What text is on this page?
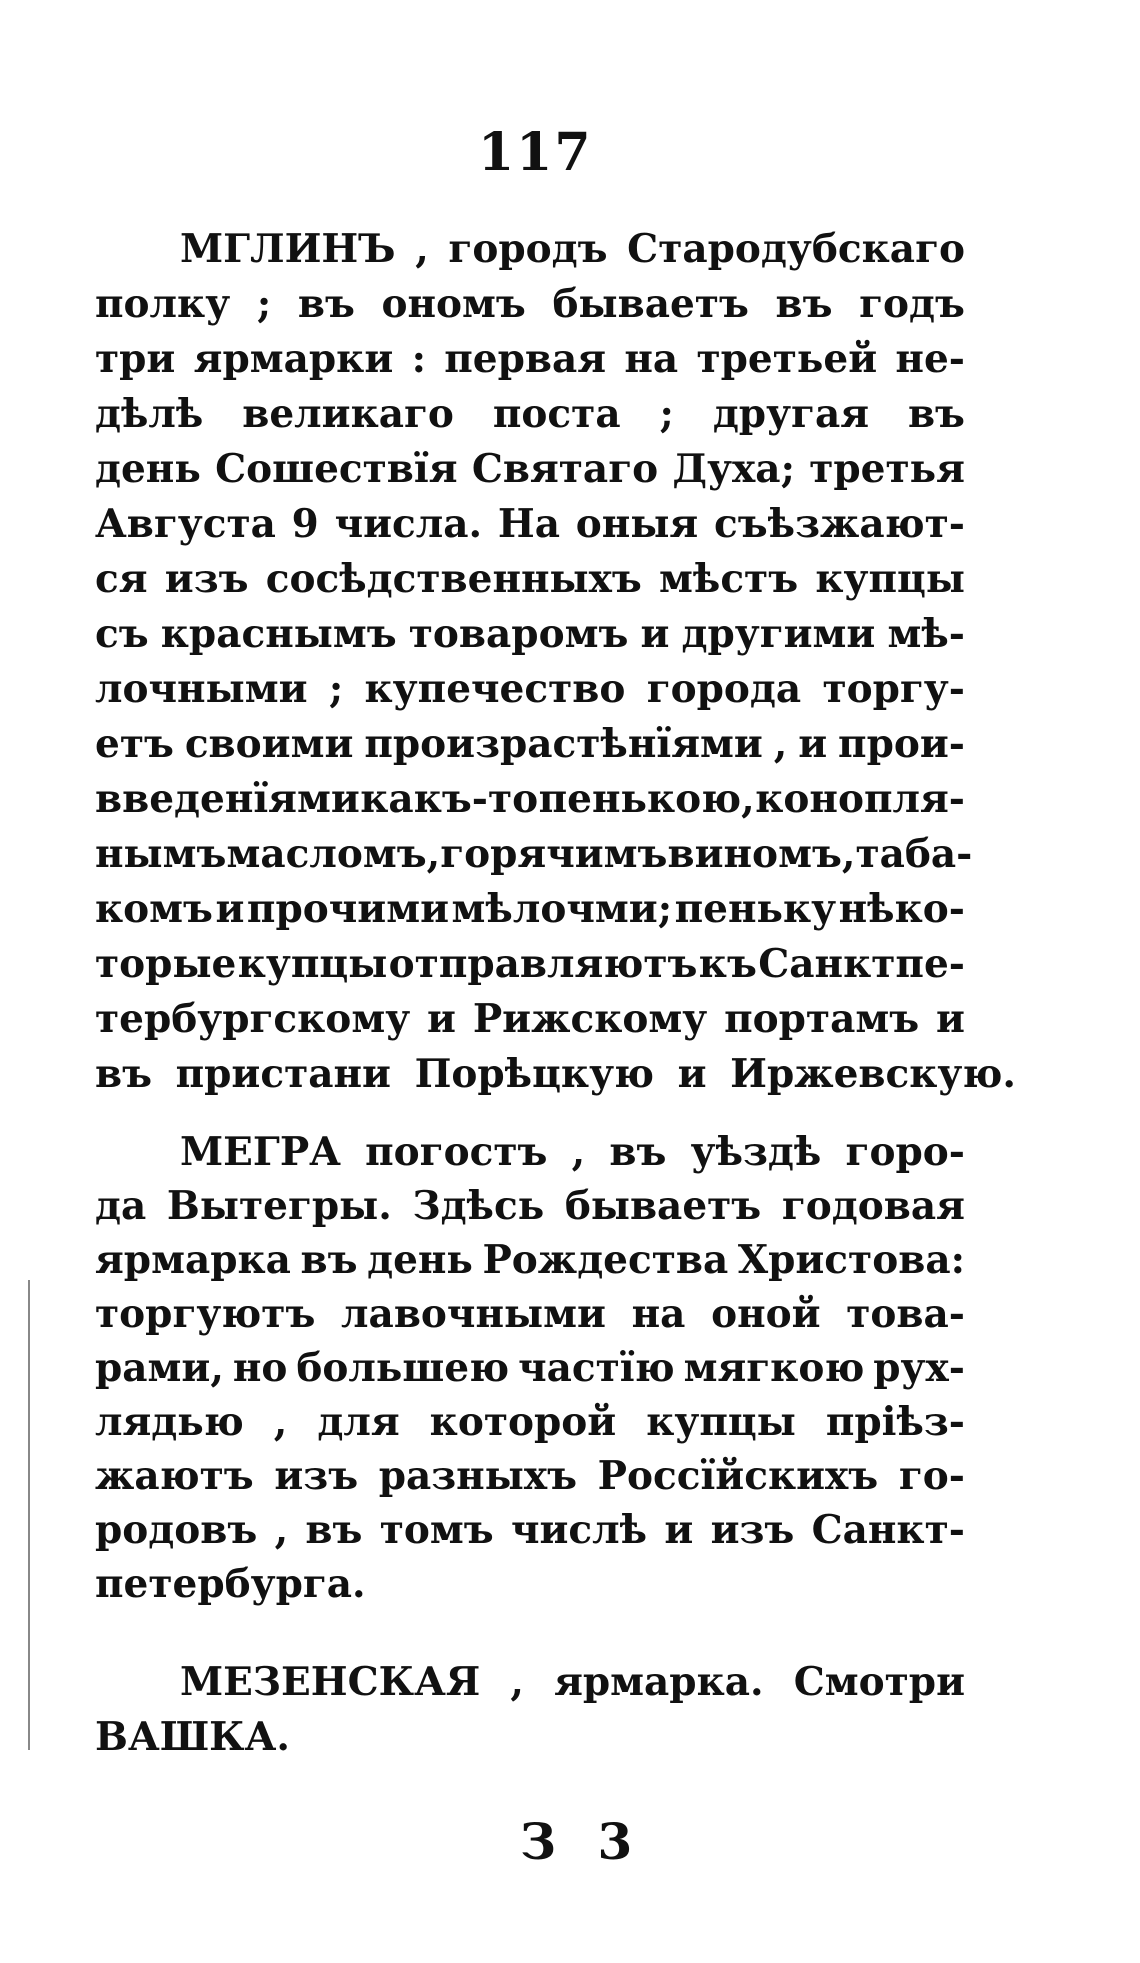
117
МГЛИНЪ , городъ Стародубскаго
полку ; въ ономъ бываетъ въ годъ
три ярмарки : первая на третьей не-
дѣлѣ великаго поста ; другая въ
день Сошествїя Святаго Духа; третья
Августа 9 числа. На оныя съѣзжают-
ся изъ сосѣдственныхъ мѣстъ купцы
съ краснымъ товаромъ и другими мѣ-
лочными ; купечество города торгу-
етъ своими произрастѣнїями , и прои-
введенїями какъ-то пенькою, конопля-
нымъ масломъ, горячимъ виномъ, таба-
комъ и прочими мѣлочми; пеньку нѣко-
торые купцы отправляютъ къ Санктпе-
тербургскому и Рижскому портамъ и
въ пристани Порѣцкую и Иржевскую.
МЕГРА погостъ , въ уѣздѣ горо-
да Вытегры. Здѣсь бываетъ годовая
ярмарка въ день Рождества Христова:
торгуютъ лавочными на оной това-
рами, но большею частїю мягкою рух-
лядью , для которой купцы прiѣз-
жаютъ изъ разныхъ Россїйскихъ го-
родовъ , въ томъ числѣ и изъ Санкт-
петербурга.
МЕЗЕНСКАЯ , ярмарка. Смотри
ВАШКА.
З 3
